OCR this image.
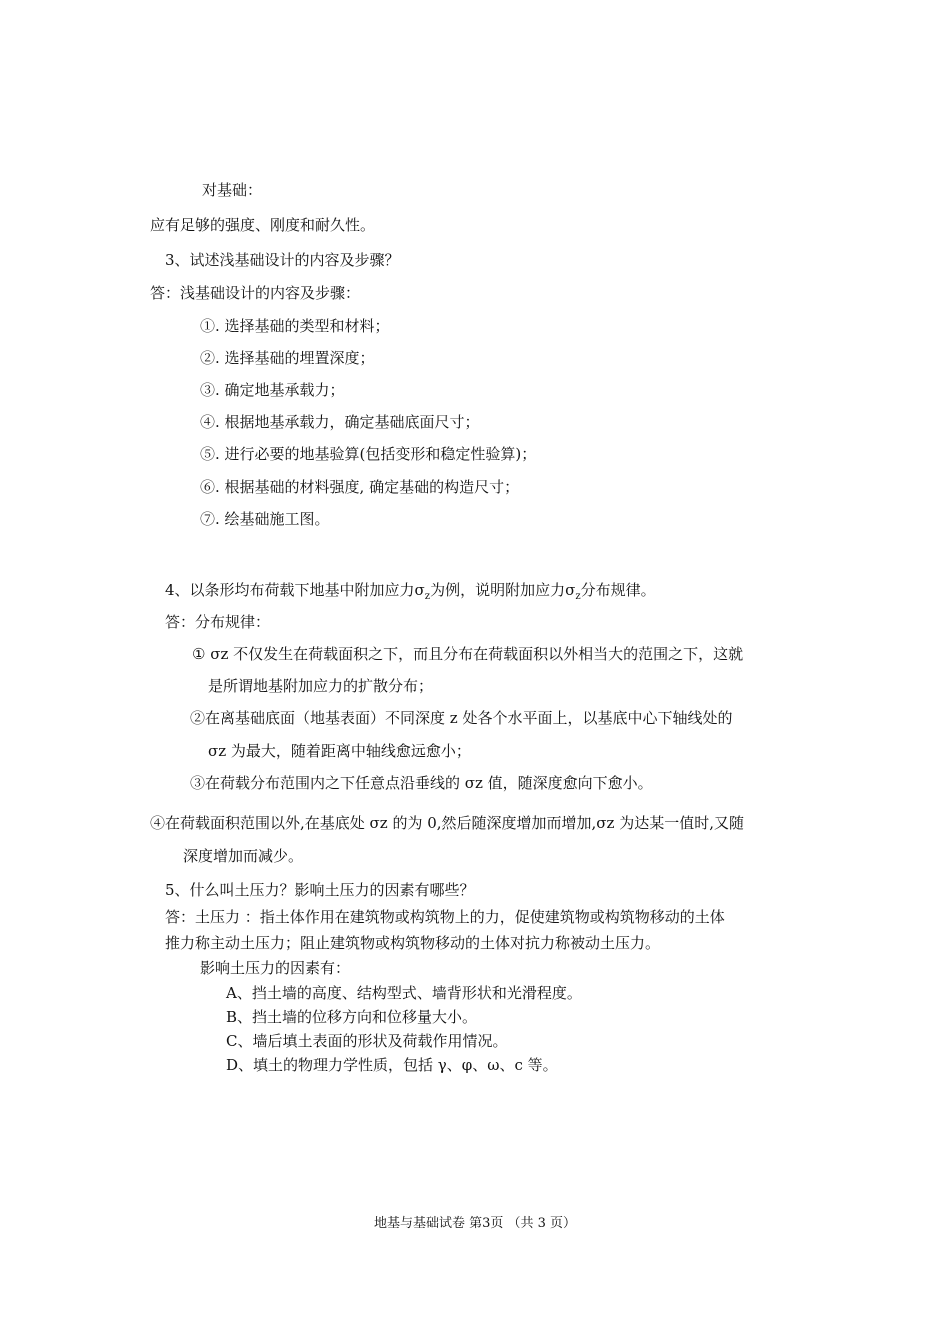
对基础：
应有足够的强度、刚度和耐久性。
3、试述浅基础设计的内容及步骤？
答：浅基础设计的内容及步骤：
①. 选择基础的类型和材料；
②. 选择基础的埋置深度；
③. 确定地基承载力；
④. 根据地基承载力，确定基础底面尺寸；
⑤. 进行必要的地基验算(包括变形和稳定性验算)；
⑥. 根据基础的材料强度, 确定基础的构造尺寸；
⑦. 绘基础施工图。
4、以条形均布荷载下地基中附加应力$\sigma_z$为例，说明附加应力$\sigma_z$分布规律。
答：分布规律：
① σz 不仅发生在荷载面积之下，而且分布在荷载面积以外相当大的范围之下，这就
是所谓地基附加应力的扩散分布；
②在离基础底面（地基表面）不同深度 z 处各个水平面上，以基底中心下轴线处的
σz 为最大，随着距离中轴线愈远愈小；
③在荷载分布范围内之下任意点沿垂线的 σz 值，随深度愈向下愈小。
④在荷载面积范围以外,在基底处 σz 的为 0,然后随深度增加而增加,σz 为达某一值时,又随
深度增加而减少。
5、什么叫土压力？影响土压力的因素有哪些？
答：土压力 ：指土体作用在建筑物或构筑物上的力，促使建筑物或构筑物移动的土体
推力称主动土压力；阻止建筑物或构筑物移动的土体对抗力称被动土压力。
影响土压力的因素有：
A、挡土墙的高度、结构型式、墙背形状和光滑程度。
B、挡土墙的位移方向和位移量大小。
C、墙后填土表面的形状及荷载作用情况。
D、填土的物理力学性质，包括 γ、φ、ω、c 等。
地基与基础试卷 第3页 （共 3 页）
